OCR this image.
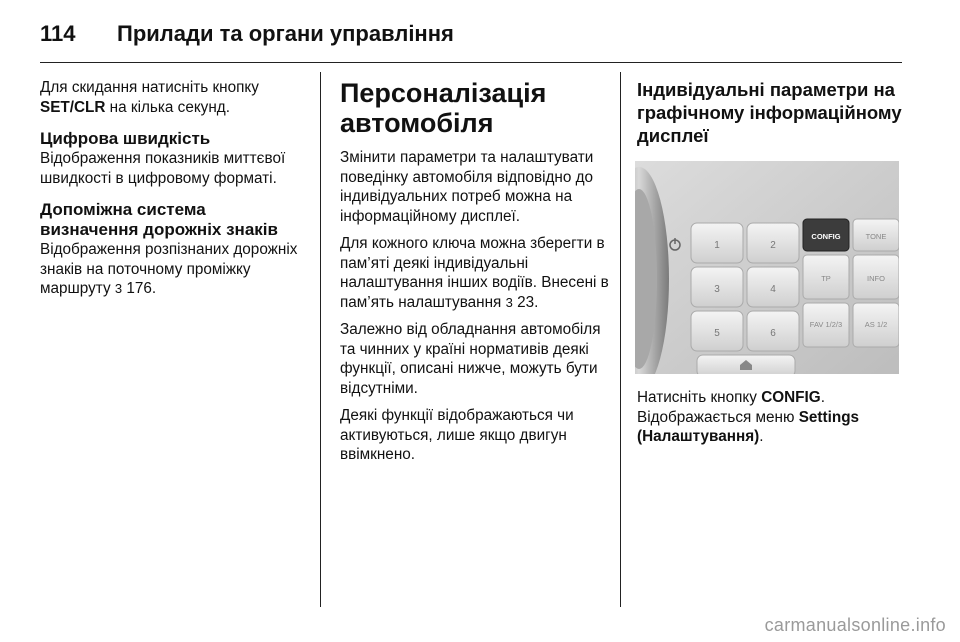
114 Прилади та органи управління

Для скидання натисніть кнопку
SET/CLR на кілька секунд.

Цифрова швидкість

Відображення показників миттєвої швидкості в цифровому форматі.

Допоміжна система визначення дорожніх знаків

Відображення розпізнаних дорожніх знаків на поточному проміжку маршруту 3 176.

Персоналізація автомобіля

Змінити параметри та налаштувати поведінку автомобіля відповідно до індивідуальних потреб можна на інформаційному дисплеї.

Для кожного ключа можна зберегти в пам’яті деякі індивідуальні налаштування інших водіїв. Внесені в пам’ять налаштування 3 23.

Залежно від обладнання автомобіля та чинних у країні нормативів деякі функції, описані нижче, можуть бути відсутніми.

Деякі функції відображаються чи активуються, лише якщо двигун ввімкнено.

Індивідуальні параметри на графічному інформаційному дисплеї
1	2
3	4
5	6
CONFIG	TONE
TP	INFO
FAV 1/2/3	AS 1/2

Натисніть кнопку CONFIG.
Відображається меню Settings (Налаштування).

carmanualsonline.info
